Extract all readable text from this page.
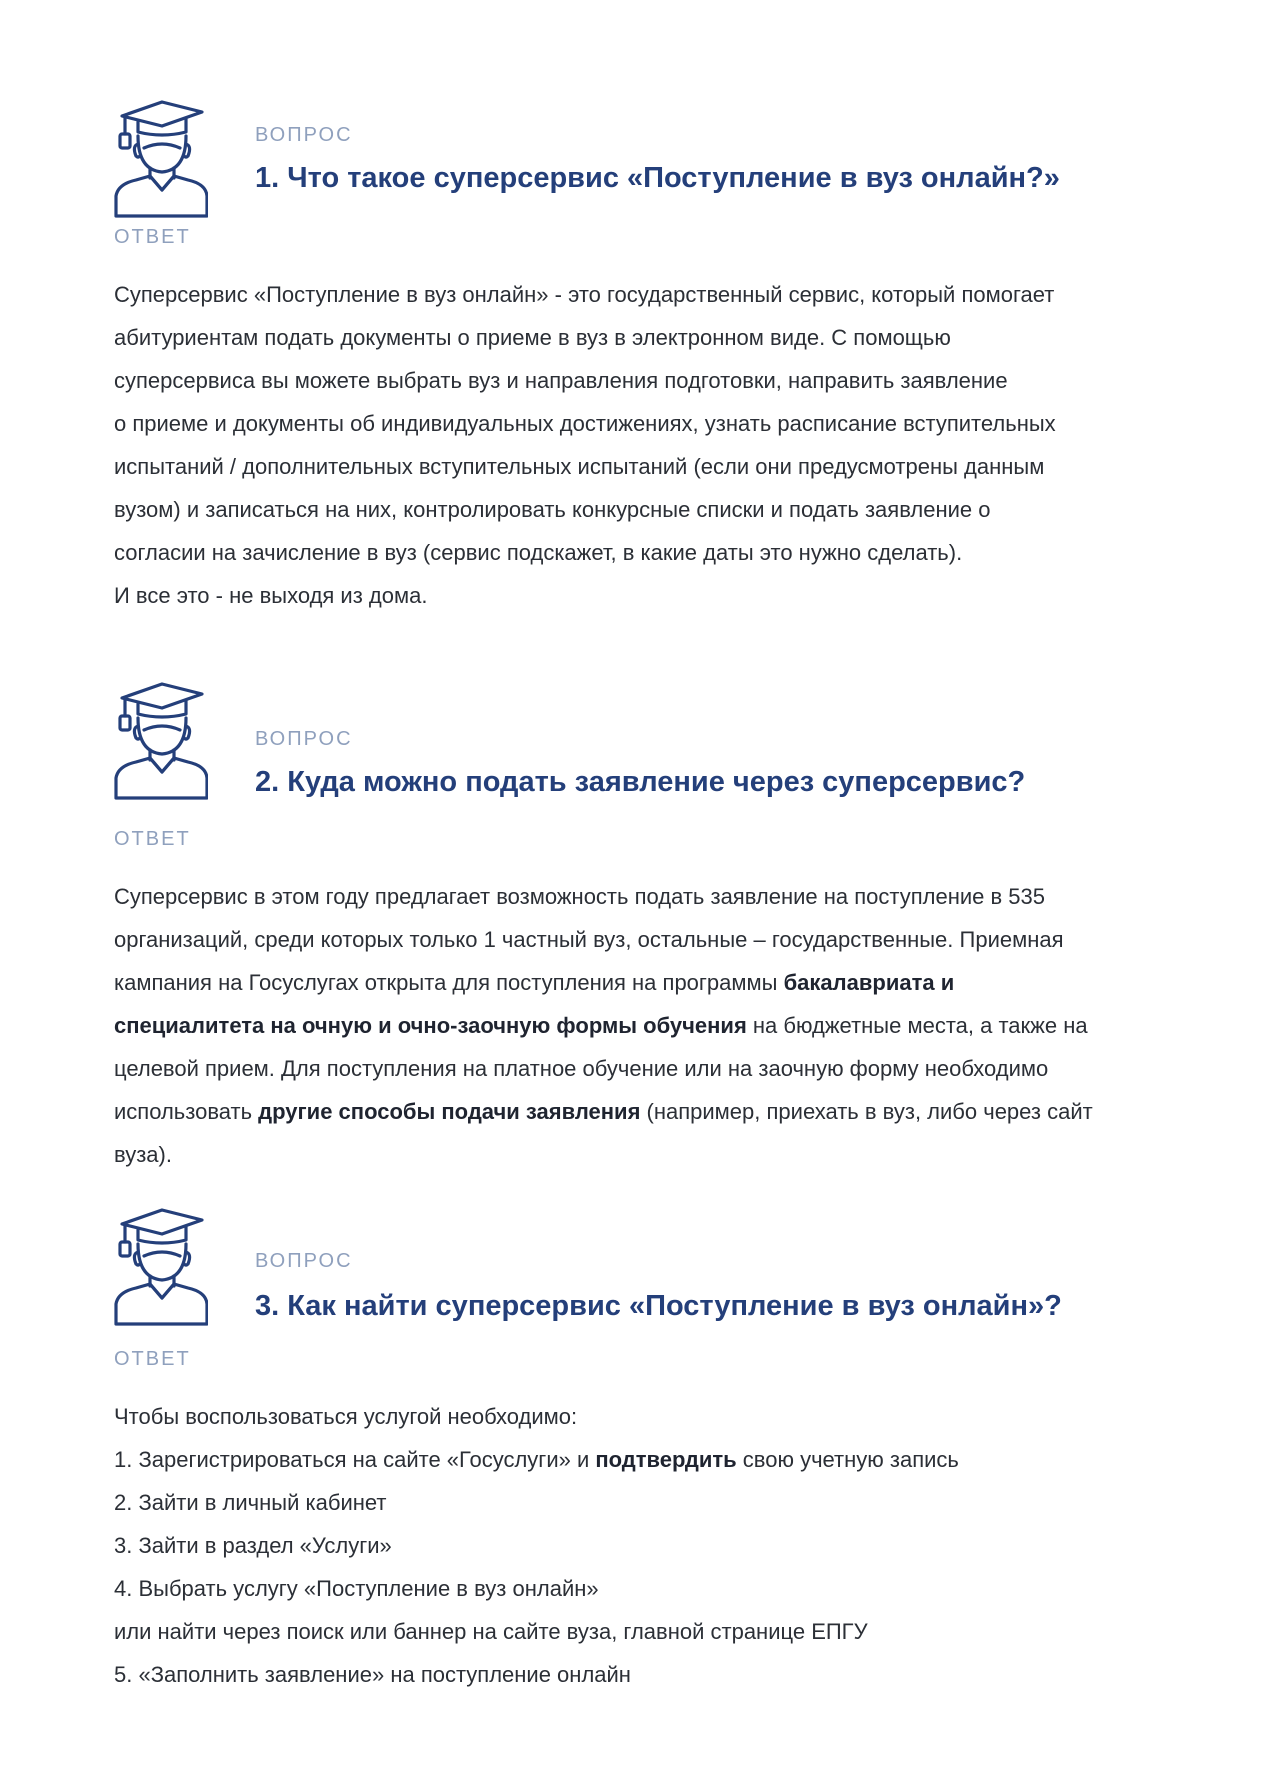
ВОПРОС
1. Что такое суперсервис «Поступление в вуз онлайн?»
ОТВЕТ

Суперсервис «Поступление в вуз онлайн» - это государственный сервис, который помогает

абитуриентам подать документы о приеме в вуз в электронном виде. С помощью

суперсервиса вы можете выбрать вуз и направления подготовки, направить заявление

о приеме и документы об индивидуальных достижениях, узнать расписание вступительных

испытаний / дополнительных вступительных испытаний (если они предусмотрены данным

вузом) и записаться на них, контролировать конкурсные списки и подать заявление о

согласии на зачисление в вуз (сервис подскажет, в какие даты это нужно сделать).

И все это - не выходя из дома.

ВОПРОС
2. Куда можно подать заявление через суперсервис?
ОТВЕТ

Суперсервис в этом году предлагает возможность подать заявление на поступление в 535

организаций, среди которых только 1 частный вуз, остальные – государственные. Приемная

кампания на Госуслугах открыта для поступления на программы бакалавриата и

специалитета на очную и очно-заочную формы обучения на бюджетные места, а также на

целевой прием. Для поступления на платное обучение или на заочную форму необходимо

использовать другие способы подачи заявления (например, приехать в вуз, либо через сайт

вуза).

ВОПРОС
3. Как найти суперсервис «Поступление в вуз онлайн»?
ОТВЕТ

Чтобы воспользоваться услугой необходимо:

1. Зарегистрироваться на сайте «Госуслуги» и подтвердить свою учетную запись

2. Зайти в личный кабинет

3. Зайти в раздел «Услуги»

4. Выбрать услугу «Поступление в вуз онлайн»

или найти через поиск или баннер на сайте вуза, главной странице ЕПГУ

5. «Заполнить заявление» на поступление онлайн
